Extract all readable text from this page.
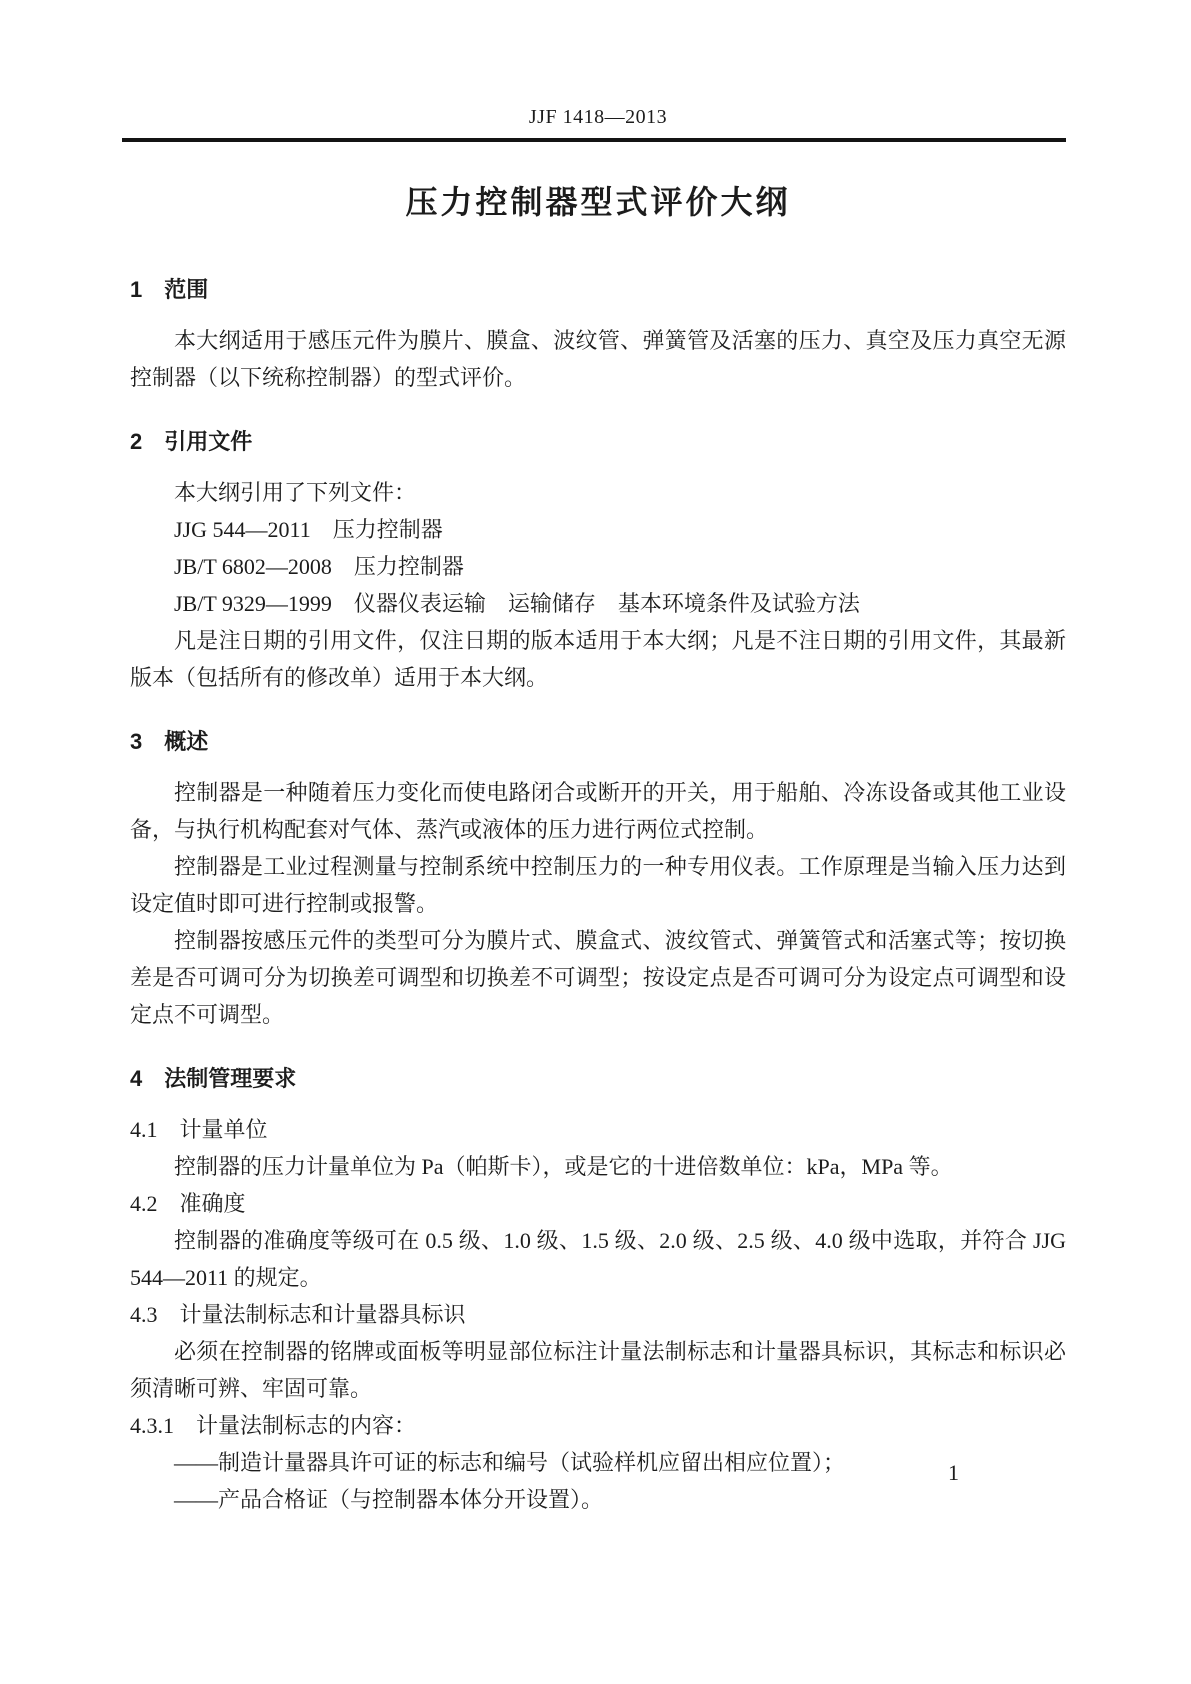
JJF 1418—2013
压力控制器型式评价大纲

1　范围

本大纲适用于感压元件为膜片、膜盒、波纹管、弹簧管及活塞的压力、真空及压力真空无源控制器（以下统称控制器）的型式评价。

2　引用文件

本大纲引用了下列文件：

JJG 544—2011　压力控制器

JB/T 6802—2008　压力控制器

JB/T 9329—1999　仪器仪表运输　运输储存　基本环境条件及试验方法

凡是注日期的引用文件，仅注日期的版本适用于本大纲；凡是不注日期的引用文件，其最新版本（包括所有的修改单）适用于本大纲。

3　概述

控制器是一种随着压力变化而使电路闭合或断开的开关，用于船舶、冷冻设备或其他工业设备，与执行机构配套对气体、蒸汽或液体的压力进行两位式控制。

控制器是工业过程测量与控制系统中控制压力的一种专用仪表。工作原理是当输入压力达到设定值时即可进行控制或报警。

控制器按感压元件的类型可分为膜片式、膜盒式、波纹管式、弹簧管式和活塞式等；按切换差是否可调可分为切换差可调型和切换差不可调型；按设定点是否可调可分为设定点可调型和设定点不可调型。

4　法制管理要求

4.1　计量单位

控制器的压力计量单位为 Pa（帕斯卡），或是它的十进倍数单位：kPa，MPa 等。

4.2　准确度

控制器的准确度等级可在 0.5 级、1.0 级、1.5 级、2.0 级、2.5 级、4.0 级中选取，并符合 JJG 544—2011 的规定。

4.3　计量法制标志和计量器具标识

必须在控制器的铭牌或面板等明显部位标注计量法制标志和计量器具标识，其标志和标识必须清晰可辨、牢固可靠。

4.3.1　计量法制标志的内容：

——制造计量器具许可证的标志和编号（试验样机应留出相应位置）；

——产品合格证（与控制器本体分开设置）。

1
